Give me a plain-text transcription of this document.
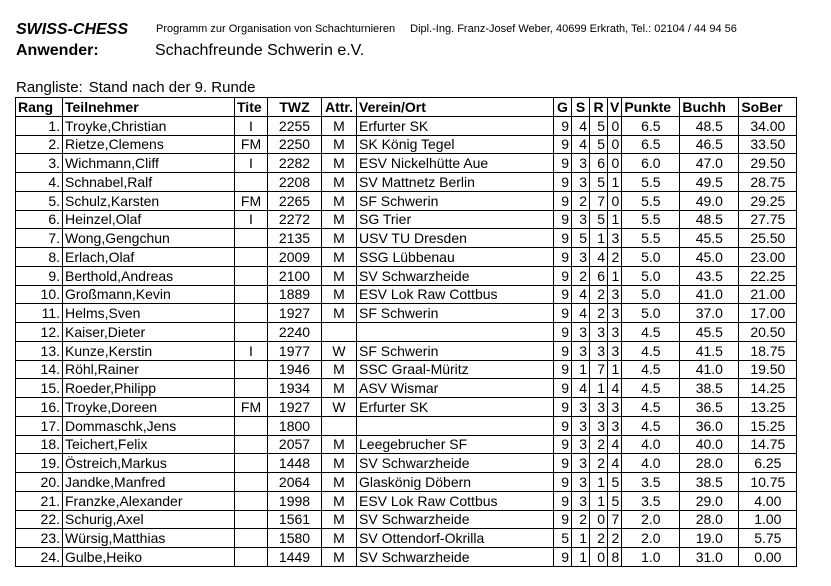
SWISS-CHESS	Programm zur Organisation von Schachturnieren Dipl.-Ing. Franz-Josef Weber, 40699 Erkrath, Tel.: 02104 / 44 94 56
Anwender:	Schachfreunde Schwerin e.V.
Rangliste: Stand nach der 9. Runde
Rang	Teilnehmer	Tite	TWZ	Attr.	Verein/Ort	G	S	R	V	Punkte	Buchh	SoBer
1.	Troyke,Christian	I	2255	M	Erfurter SK	9	4	5	0	6.5	48.5	34.00
2.	Rietze,Clemens	FM	2250	M	SK König Tegel	9	4	5	0	6.5	46.5	33.50
3.	Wichmann,Cliff	I	2282	M	ESV Nickelhütte Aue	9	3	6	0	6.0	47.0	29.50
4.	Schnabel,Ralf		2208	M	SV Mattnetz Berlin	9	3	5	1	5.5	49.5	28.75
5.	Schulz,Karsten	FM	2265	M	SF Schwerin	9	2	7	0	5.5	49.0	29.25
6.	Heinzel,Olaf	I	2272	M	SG Trier	9	3	5	1	5.5	48.5	27.75
7.	Wong,Gengchun		2135	M	USV TU Dresden	9	5	1	3	5.5	45.5	25.50
8.	Erlach,Olaf		2009	M	SSG Lübbenau	9	3	4	2	5.0	45.0	23.00
9.	Berthold,Andreas		2100	M	SV Schwarzheide	9	2	6	1	5.0	43.5	22.25
10.	Großmann,Kevin		1889	M	ESV Lok Raw Cottbus	9	4	2	3	5.0	41.0	21.00
11.	Helms,Sven		1927	M	SF Schwerin	9	4	2	3	5.0	37.0	17.00
12.	Kaiser,Dieter		2240			9	3	3	3	4.5	45.5	20.50
13.	Kunze,Kerstin	I	1977	W	SF Schwerin	9	3	3	3	4.5	41.5	18.75
14.	Röhl,Rainer		1946	M	SSC Graal-Müritz	9	1	7	1	4.5	41.0	19.50
15.	Roeder,Philipp		1934	M	ASV Wismar	9	4	1	4	4.5	38.5	14.25
16.	Troyke,Doreen	FM	1927	W	Erfurter SK	9	3	3	3	4.5	36.5	13.25
17.	Dommaschk,Jens		1800			9	3	3	3	4.5	36.0	15.25
18.	Teichert,Felix		2057	M	Leegebrucher SF	9	3	2	4	4.0	40.0	14.75
19.	Östreich,Markus		1448	M	SV Schwarzheide	9	3	2	4	4.0	28.0	6.25
20.	Jandke,Manfred		2064	M	Glaskönig Döbern	9	3	1	5	3.5	38.5	10.75
21.	Franzke,Alexander		1998	M	ESV Lok Raw Cottbus	9	3	1	5	3.5	29.0	4.00
22.	Schurig,Axel		1561	M	SV Schwarzheide	9	2	0	7	2.0	28.0	1.00
23.	Würsig,Matthias		1580	M	SV Ottendorf-Okrilla	5	1	2	2	2.0	19.0	5.75
24.	Gulbe,Heiko		1449	M	SV Schwarzheide	9	1	0	8	1.0	31.0	0.00
